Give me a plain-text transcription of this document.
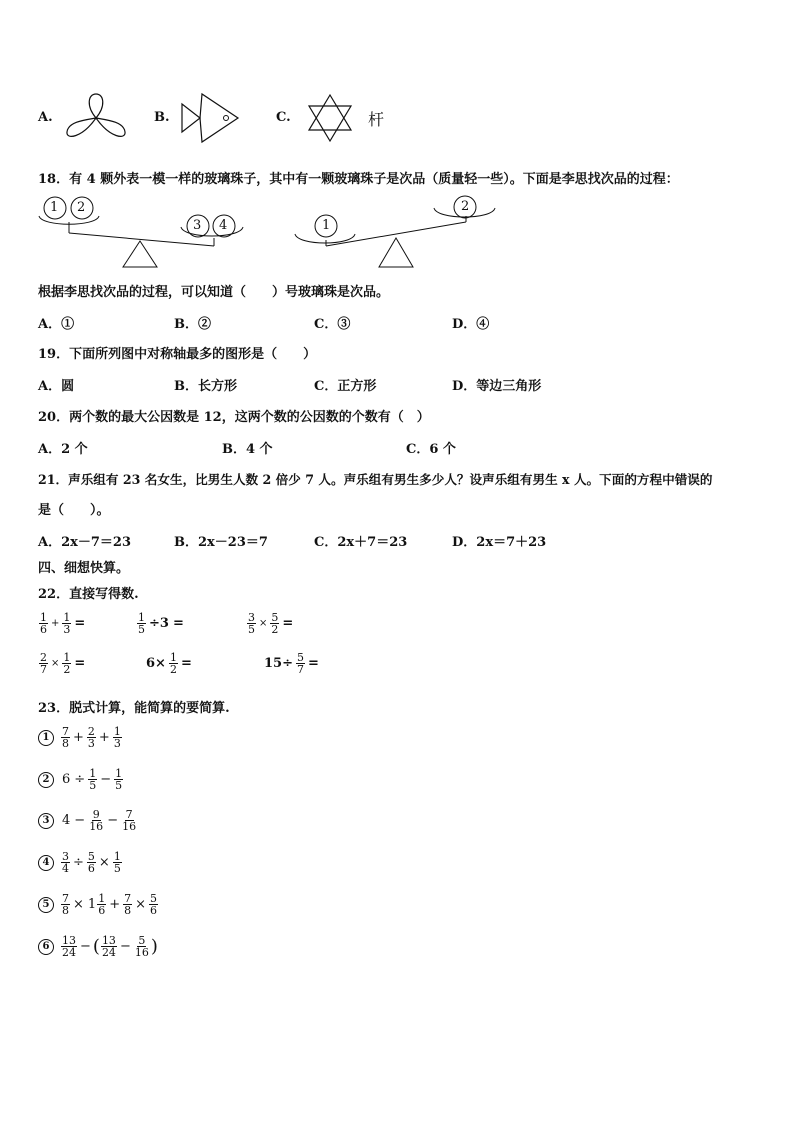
A.	B.	C.	杆
18．有 4 颗外表一模一样的玻璃珠子，其中有一颗玻璃珠子是次品（质量轻一些）。下面是李思找次品的过程：
1 2
3 4	1
2
根据李思找次品的过程，可以知道（　　）号玻璃珠是次品。
A．①	B．②	C．③	D．④
19．下面所列图中对称轴最多的图形是（　　）
A．圆	B．长方形	C．正方形	D．等边三角形
20．两个数的最大公因数是 12，这两个数的公因数的个数有（　）
A．2 个	B．4 个	C．6 个
21．声乐组有 23 名女生，比男生人数 2 倍少 7 人。声乐组有男生多少人？设声乐组有男生 x 人。下面的方程中错误的
是（　　）。
A．2x－7＝23	B．2x－23＝7	C．2x＋7＝23	D．2x＝7＋23
四、细想快算。
22．直接写得数.
$\frac{1}{6} + \frac{1}{3}$ =	$\frac{1}{5} \div 3$ =	$\frac{3}{5} \times \frac{5}{2}$ =
$\frac{2}{7} \times \frac{1}{2}$ =	$6\times \frac{1}{2}$ =	$15\div \frac{5}{7}$ =
23．脱式计算，能简算的要简算.
1	$\frac{7}{8} + \frac{2}{3} + \frac{1}{3}$
2 $6 \div \frac{1}{5} - \frac{1}{5}$
3 $4 - \frac{9}{16} - \frac{7}{16}$
4	$\frac{3}{4} \div \frac{5}{6} \times \frac{1}{5}$
5	$\frac{7}{8} \times 1 \frac{1}{6} + \frac{7}{8} \times \frac{5}{6}$
6	$\frac{13}{24}$ − ( $\frac{13}{24} - \frac{5}{16}$ )
